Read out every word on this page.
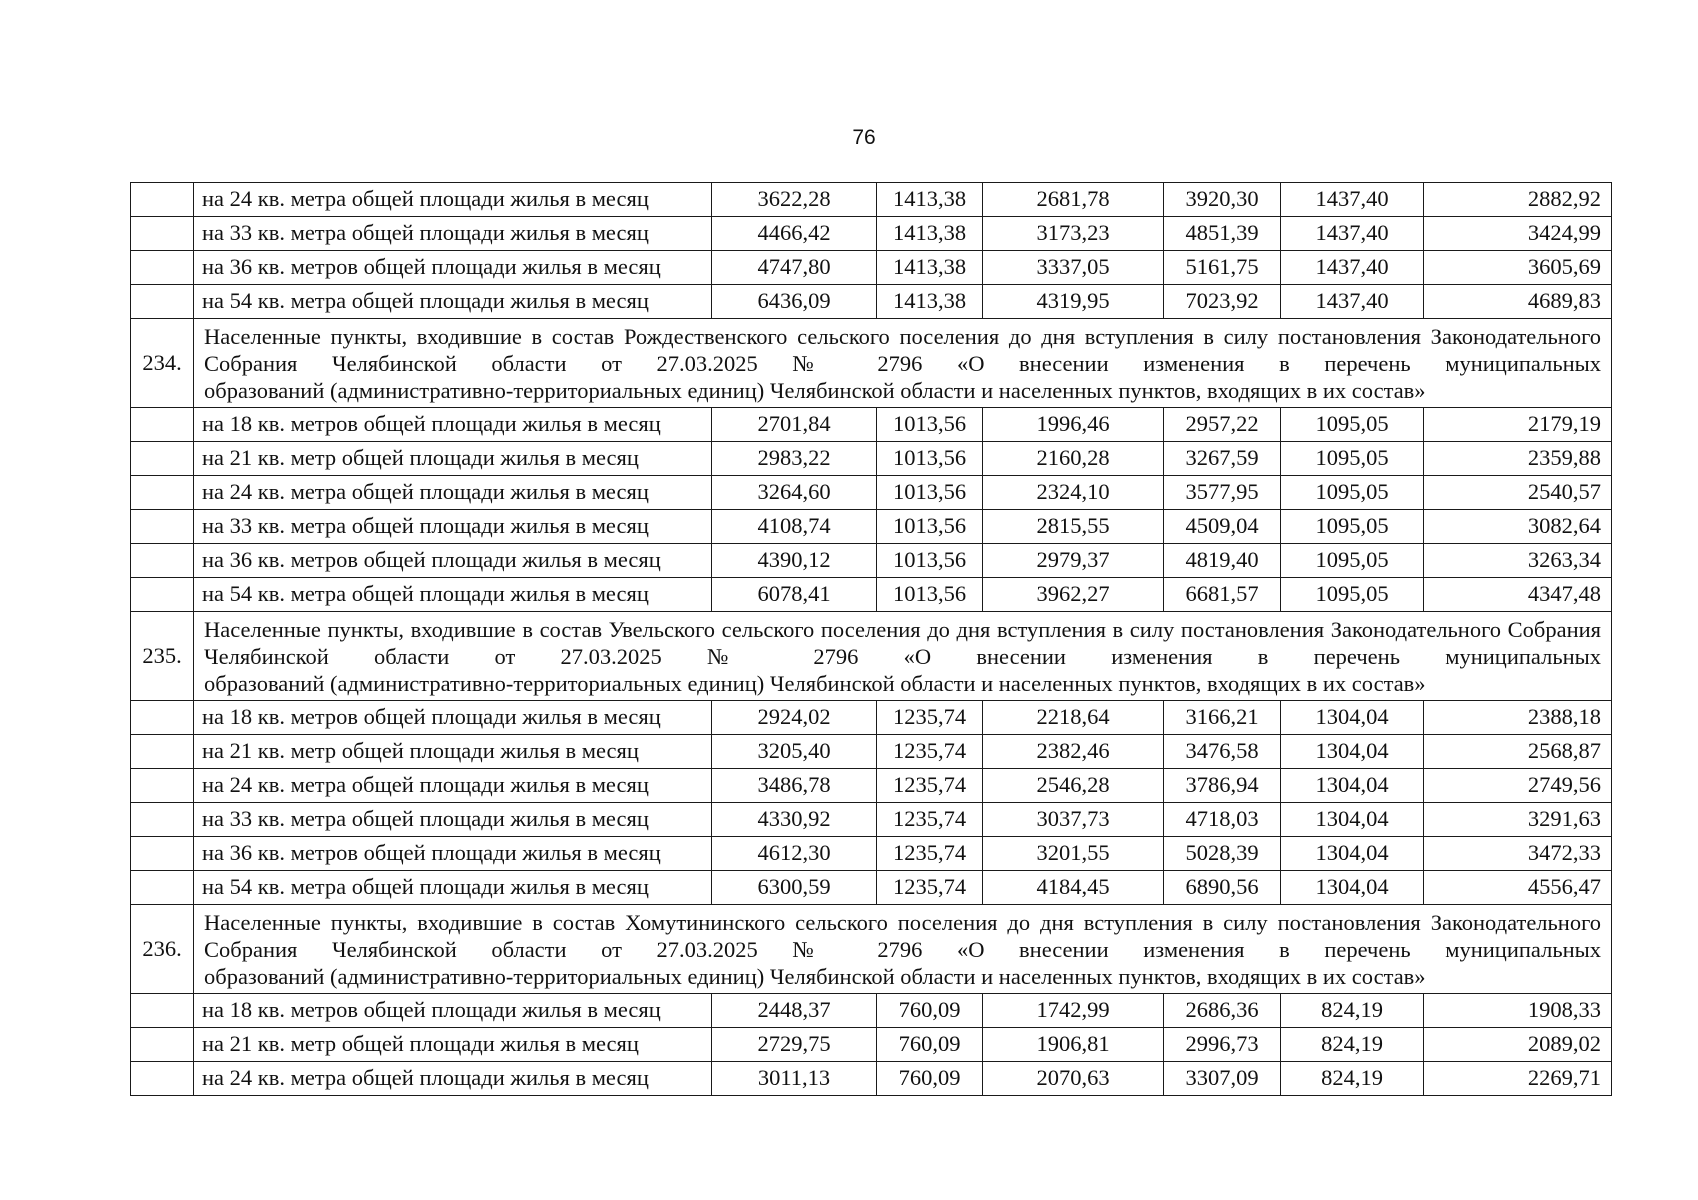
76
	на 24 кв. метра общей площади жилья в месяц	3622,28	1413,38	2681,78	3920,30	1437,40	2882,92
	на 33 кв. метра общей площади жилья в месяц	4466,42	1413,38	3173,23	4851,39	1437,40	3424,99
	на 36 кв. метров общей площади жилья в месяц	4747,80	1413,38	3337,05	5161,75	1437,40	3605,69
	на 54 кв. метра общей площади жилья в месяц	6436,09	1413,38	4319,95	7023,92	1437,40	4689,83
234.	Населенные пункты, входившие в состав Рождественского сельского поселения до дня вступления в силу постановления Законодательного Собрания Челябинской области от 27.03.2025 № 2796 «О внесении изменения в перечень муниципальных
образований (административно-территориальных единиц) Челябинской области и населенных пунктов, входящих в их состав»						

	на 18 кв. метров общей площади жилья в месяц	2701,84	1013,56	1996,46	2957,22	1095,05	2179,19
	на 21 кв. метр общей площади жилья в месяц	2983,22	1013,56	2160,28	3267,59	1095,05	2359,88
	на 24 кв. метра общей площади жилья в месяц	3264,60	1013,56	2324,10	3577,95	1095,05	2540,57
	на 33 кв. метра общей площади жилья в месяц	4108,74	1013,56	2815,55	4509,04	1095,05	3082,64
	на 36 кв. метров общей площади жилья в месяц	4390,12	1013,56	2979,37	4819,40	1095,05	3263,34
	на 54 кв. метра общей площади жилья в месяц	6078,41	1013,56	3962,27	6681,57	1095,05	4347,48
235.	Населенные пункты, входившие в состав Увельского сельского поселения до дня вступления в силу постановления Законодательного Собрания Челябинской области от 27.03.2025 № 2796 «О внесении изменения в перечень муниципальных
образований (административно-территориальных единиц) Челябинской области и населенных пунктов, входящих в их состав»						

	на 18 кв. метров общей площади жилья в месяц	2924,02	1235,74	2218,64	3166,21	1304,04	2388,18
	на 21 кв. метр общей площади жилья в месяц	3205,40	1235,74	2382,46	3476,58	1304,04	2568,87
	на 24 кв. метра общей площади жилья в месяц	3486,78	1235,74	2546,28	3786,94	1304,04	2749,56
	на 33 кв. метра общей площади жилья в месяц	4330,92	1235,74	3037,73	4718,03	1304,04	3291,63
	на 36 кв. метров общей площади жилья в месяц	4612,30	1235,74	3201,55	5028,39	1304,04	3472,33
	на 54 кв. метра общей площади жилья в месяц	6300,59	1235,74	4184,45	6890,56	1304,04	4556,47
236.	Населенные пункты, входившие в состав Хомутининского сельского поселения до дня вступления в силу постановления Законодательного Собрания Челябинской области от 27.03.2025 № 2796 «О внесении изменения в перечень муниципальных
образований (административно-территориальных единиц) Челябинской области и населенных пунктов, входящих в их состав»						

	на 18 кв. метров общей площади жилья в месяц	2448,37	760,09	1742,99	2686,36	824,19	1908,33
	на 21 кв. метр общей площади жилья в месяц	2729,75	760,09	1906,81	2996,73	824,19	2089,02
	на 24 кв. метра общей площади жилья в месяц	3011,13	760,09	2070,63	3307,09	824,19	2269,71
